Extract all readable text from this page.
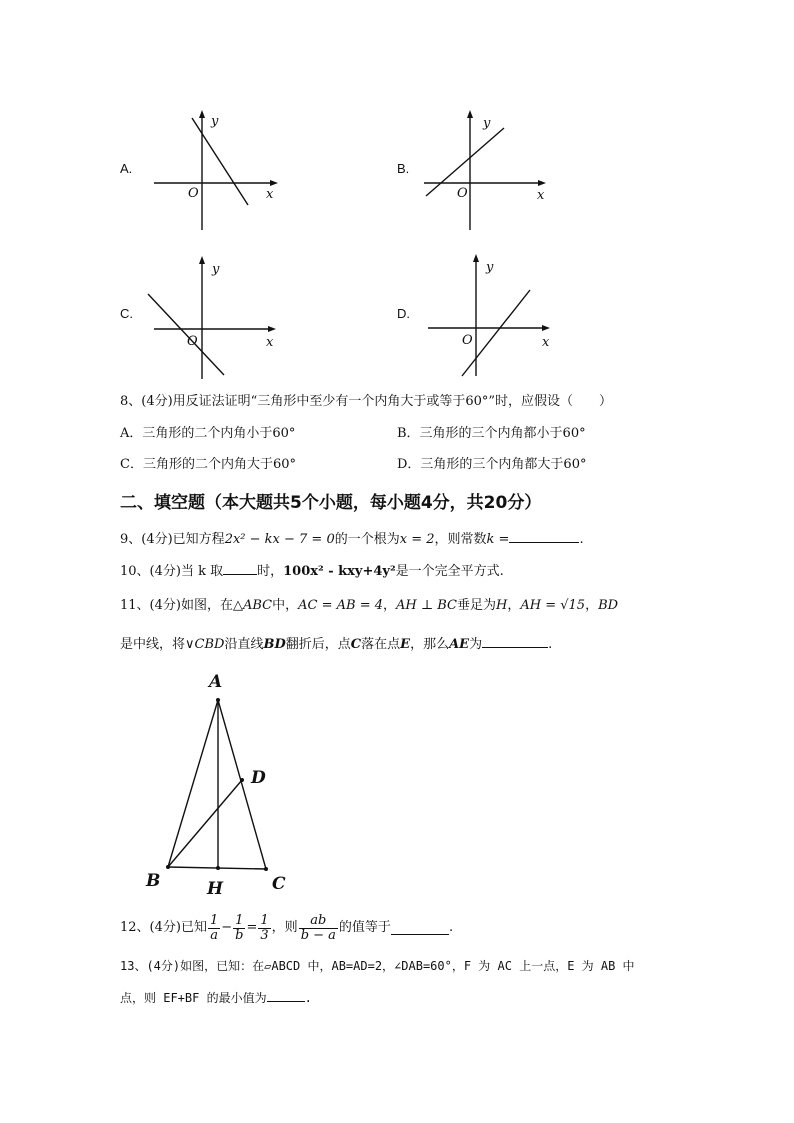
A.
y
x
O
B.
y
x
O
C.
y
x
O
D.
y
x
O
8、(4分)用反证法证明“三角形中至少有一个内角大于或等于60°”时，应假设（　　）
A．三角形的二个内角小于60°	B．三角形的三个内角都小于60°
C．三角形的二个内角大于60°	D．三角形的三个内角都大于60°
二、填空题（本大题共5个小题，每小题4分，共20分）
9、(4分)已知方程2x² − kx − 7 = 0的一个根为x = 2，则常数k =	.
10、(4分)当 k 取	时，100x² - kxy+4y²是一个完全平方式.
11、(4分)如图，在△ABC中，AC = AB = 4，AH ⊥ BC垂足为H，AH = √15，BD
是中线，将∨CBD沿直线BD翻折后，点C落在点E，那么AE为	.
A
B	C
D
H
12、(4分)已知 $\frac{1}{a} - \frac{1}{b} = \frac{1}{3}$ ，则 $\frac{ab}{b - a}$ 的值等于	.
13、(4分)如图，已知：在▱ABCD 中，AB=AD=2，∠DAB=60°，F 为 AC 上一点，E 为 AB 中
点，则 EF+BF 的最小值为	.
